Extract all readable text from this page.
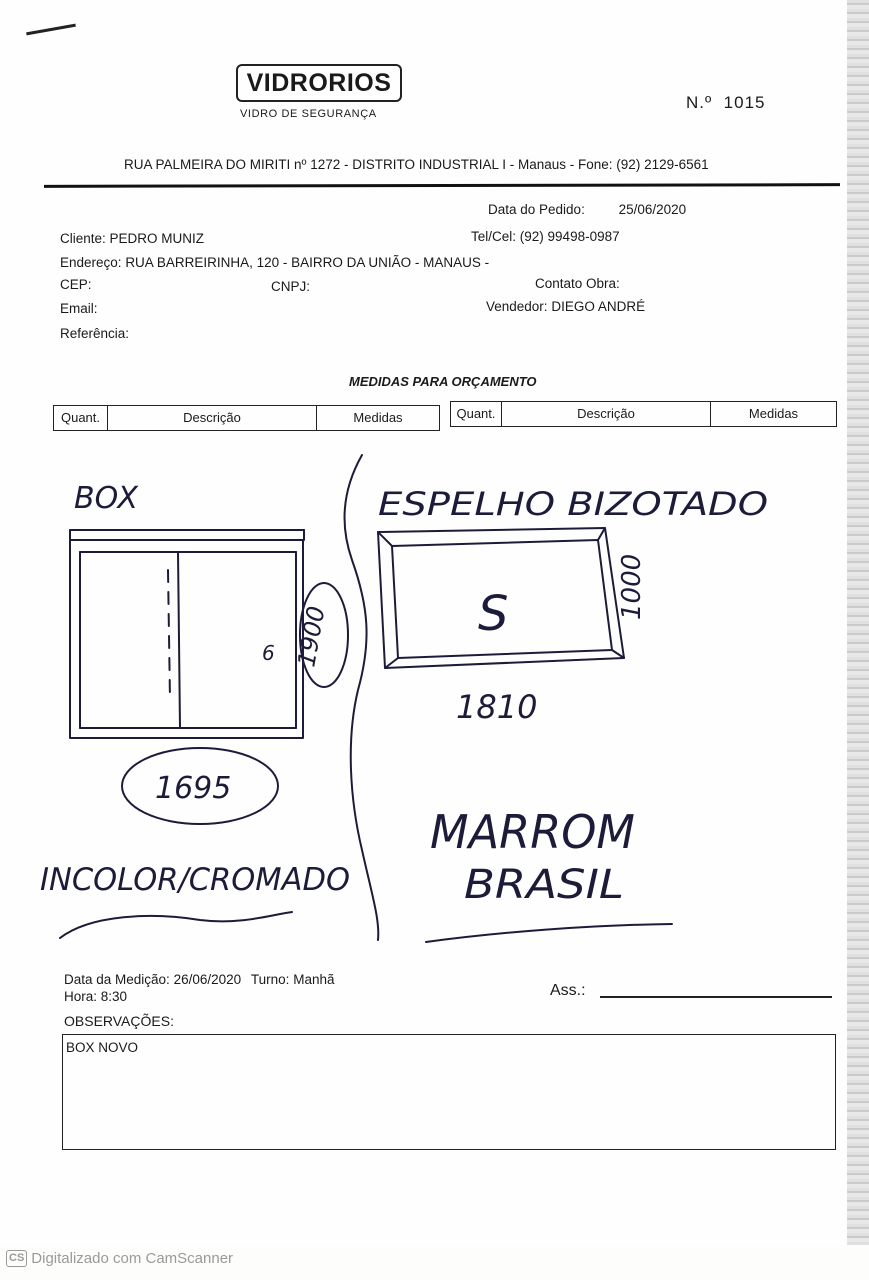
VIDRORIOS
VIDRO DE SEGURANÇA
N.º 1015
RUA PALMEIRA DO MIRITI nº 1272 - DISTRITO INDUSTRIAL I - Manaus - Fone: (92) 2129-6561
Data do Pedido:	25/06/2020
Cliente: PEDRO MUNIZ	Tel/Cel: (92) 99498-0987
Endereço: RUA BARREIRINHA, 120 - BAIRRO DA UNIÃO - MANAUS -
CEP:	CNPJ:	Contato Obra:
Email:	Vendedor: DIEGO ANDRÉ
Referência:
MEDIDAS PARA ORÇAMENTO
Quant.	Descrição	Medidas	Quant.	Descrição	Medidas
BOX
6 1900
1695
INCOLOR/CROMADO
ESPELHO BIZOTADO
S	1000
1810
MARROM
BRASIL
Data da Medição: 26/06/2020 Turno: Manhã
Hora: 8:30	Ass.:
OBSERVAÇÕES:
BOX NOVO
CS Digitalizado com CamScanner
